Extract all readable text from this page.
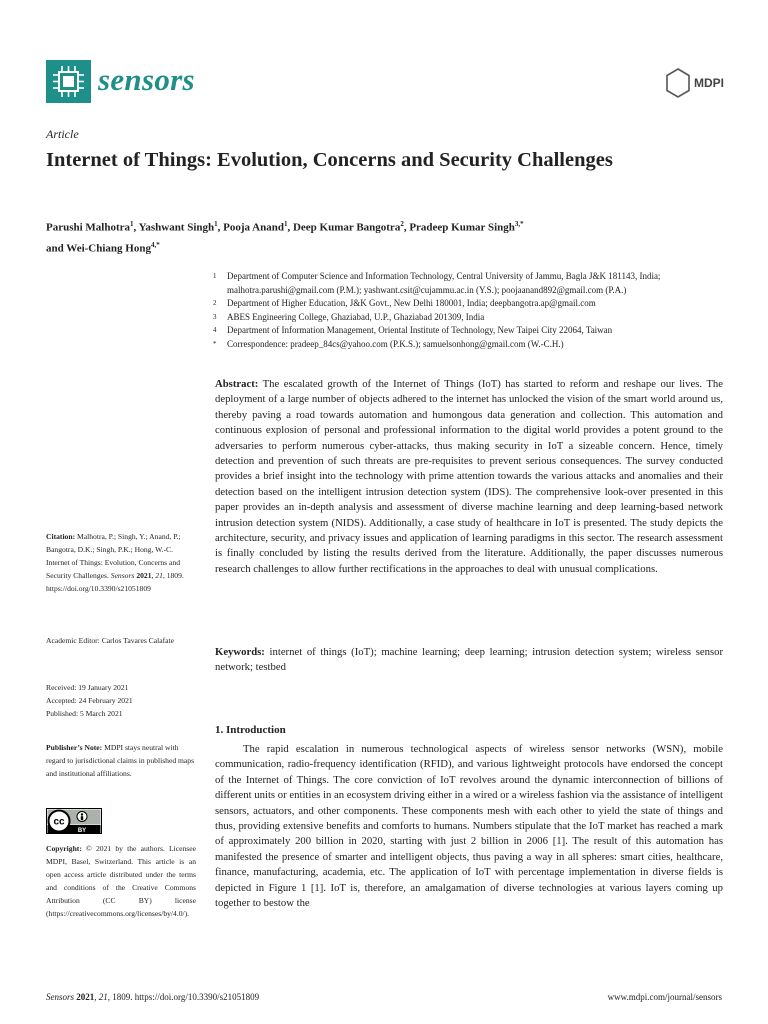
sensors	MDPI
Article
Internet of Things: Evolution, Concerns and Security Challenges
Parushi Malhotra$^1$, Yashwant Singh$^1$, Pooja Anand$^1$, Deep Kumar Bangotra$^2$, Pradeep Kumar Singh$^{3,*}$
and Wei-Chiang Hong$^{4,*}$
1	Department of Computer Science and Information Technology, Central University of Jammu, Bagla J&K 181143, India; malhotra.parushi@gmail.com (P.M.); yashwant.csit@cujammu.ac.in (Y.S.); poojaanand892@gmail.com (P.A.)
2	Department of Higher Education, J&K Govt., New Delhi 180001, India; deepbangotra.ap@gmail.com
3	ABES Engineering College, Ghaziabad, U.P., Ghaziabad 201309, India
4	Department of Information Management, Oriental Institute of Technology, New Taipei City 22064, Taiwan
*	Correspondence: pradeep_84cs@yahoo.com (P.K.S.); samuelsonhong@gmail.com (W.-C.H.)
Abstract: The escalated growth of the Internet of Things (IoT) has started to reform and reshape our lives. The deployment of a large number of objects adhered to the internet has unlocked the vision of the smart world around us, thereby paving a road towards automation and humongous data generation and collection. This automation and continuous explosion of personal and professional information to the digital world provides a potent ground to the adversaries to perform numerous cyber-attacks, thus making security in IoT a sizeable concern. Hence, timely detection and prevention of such threats are pre-requisites to prevent serious consequences. The survey conducted provides a brief insight into the technology with prime attention towards the various attacks and anomalies and their detection based on the intelligent intrusion detection system (IDS). The comprehensive look-over presented in this paper provides an in-depth analysis and assessment of diverse machine learning and deep learning-based network intrusion detection system (NIDS). Additionally, a case study of healthcare in IoT is presented. The study depicts the architecture, security, and privacy issues and application of learning paradigms in this sector. The research assessment is finally concluded by listing the results derived from the literature. Additionally, the paper discusses numerous research challenges to allow further rectifications in the approaches to deal with unusual complications.
Keywords: internet of things (IoT); machine learning; deep learning; intrusion detection system; wireless sensor network; testbed
1. Introduction
The rapid escalation in numerous technological aspects of wireless sensor networks (WSN), mobile communication, radio-frequency identification (RFID), and various lightweight protocols have endorsed the concept of the Internet of Things. The core conviction of IoT revolves around the dynamic interconnection of billions of different units or entities in an ecosystem driving either in a wired or a wireless fashion via the assistance of intelligent sensors, actuators, and other components. These components mesh with each other to yield the state of things and thus, providing extensive benefits and comforts to humans. Numbers stipulate that the IoT market has reached a mark of approximately 200 billion in 2020, starting with just 2 billion in 2006 [1]. The result of this automation has manifested the presence of smarter and intelligent objects, thus paving a way in all spheres: smart cities, healthcare, finance, manufacturing, academia, etc. The application of IoT with percentage implementation in diverse fields is depicted in Figure 1 [1]. IoT is, therefore, an amalgamation of diverse technologies at various layers coming up together to bestow the
Citation: Malhotra, P.; Singh, Y.; Anand, P.; Bangotra, D.K.; Singh, P.K.; Hong, W.-C. Internet of Things: Evolution, Concerns and Security Challenges. Sensors 2021, 21, 1809. https://doi.org/10.3390/s21051809
Academic Editor: Carlos Tavares Calafate
Received: 19 January 2021
Accepted: 24 February 2021
Published: 5 March 2021
Publisher’s Note: MDPI stays neutral with regard to jurisdictional claims in published maps and institutional affiliations.
cc
BY
Copyright: © 2021 by the authors. Licensee MDPI, Basel, Switzerland. This article is an open access article distributed under the terms and conditions of the Creative Commons Attribution (CC BY) license (https://creativecommons.org/licenses/by/4.0/).
Sensors 2021, 21, 1809. https://doi.org/10.3390/s21051809	www.mdpi.com/journal/sensors
